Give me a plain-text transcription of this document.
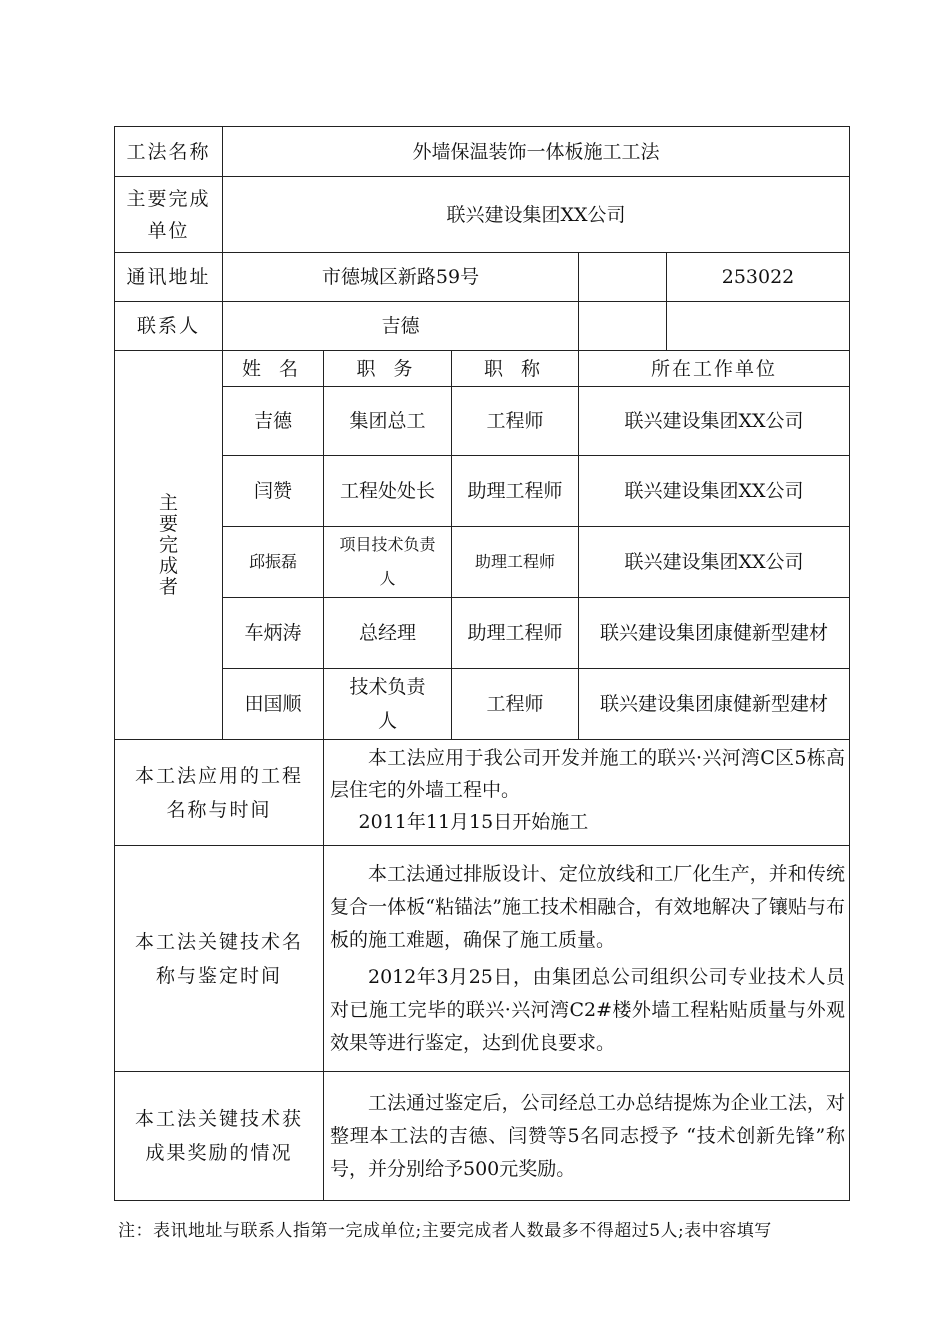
工法名称	外墙保温装饰一体板施工工法				
主要完成单位	联兴建设集团XX公司				
通讯地址	市德城区新路59号				253022
联系人	吉德				

主
要
完
成
者	姓 名	职 务	职 称	所在工作单位	
	吉德	集团总工	工程师	联兴建设集团XX公司	
	闫赞	工程处处长	助理工程师	联兴建设集团XX公司	
	邱振磊	项目技术负责人	助理工程师	联兴建设集团XX公司	
	车炳涛	总经理	助理工程师	联兴建设集团康健新型建材	
	田国顺	技术负责人	工程师	联兴建设集团康健新型建材	
本工法应用的工程名称与时间		本工法应用于我公司开发并施工的联兴·兴河湾C区5栋高层住宅的外墙工程中。
2011年11月15日开始施工			

本工法关键技术名称与鉴定时间		本工法通过排版设计、定位放线和工厂化生产，并和传统复合一体板“粘锚法”施工技术相融合，有效地解决了镶贴与布板的施工难题，确保了施工质量。
2012年3月25日，由集团总公司组织公司专业技术人员对已施工完毕的联兴·兴河湾C2#楼外墙工程粘贴质量与外观效果等进行鉴定，达到优良要求。			

本工法关键技术获成果奖励的情况		工法通过鉴定后，公司经总工办总结提炼为企业工法，对整理本工法的吉德、闫赞等5名同志授予 “技术创新先锋”称号，并分别给予500元奖励。			
注：表讯地址与联系人指第一完成单位;主要完成者人数最多不得超过5人;表中容填写
